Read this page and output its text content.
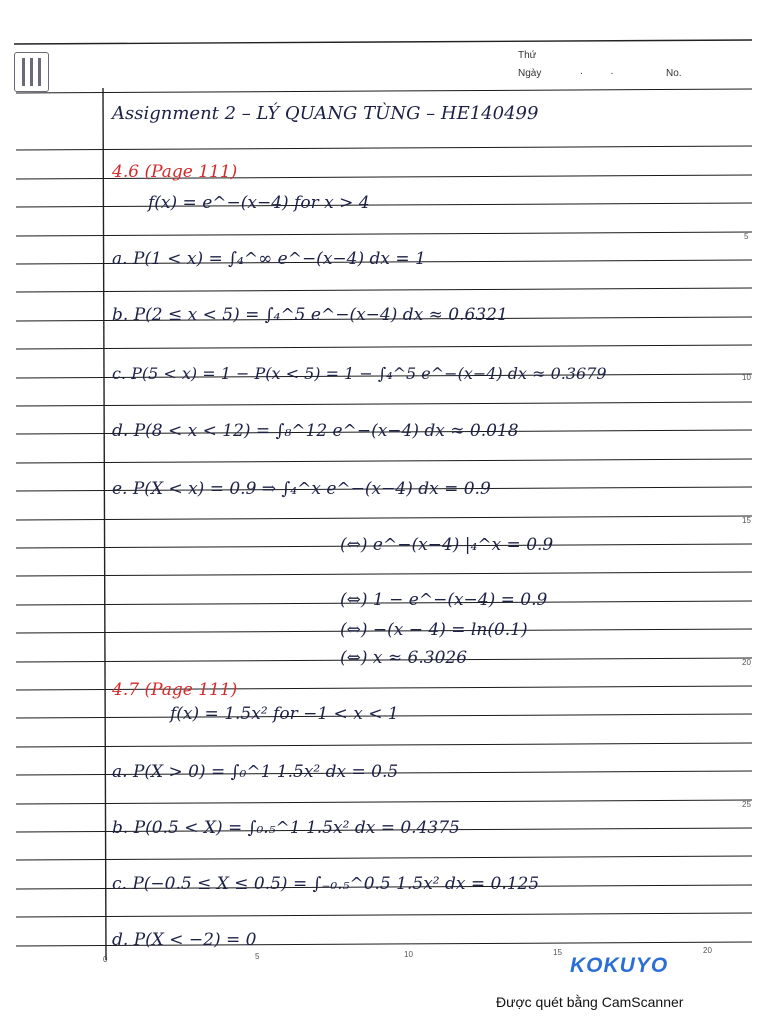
Thứ
Ngày	.          .	No.
Assignment 2 – LÝ QUANG TÙNG – HE140499
4.6 (Page 111)
f(x) = e^−(x−4) for x > 4
a. P(1 < x) = ∫₄^∞ e^−(x−4) dx = 1
b. P(2 ≤ x < 5) = ∫₄^5 e^−(x−4) dx ≈ 0.6321
c. P(5 < x) = 1 − P(x < 5) = 1 − ∫₄^5 e^−(x−4) dx ≈ 0.3679
d. P(8 < x < 12) = ∫₈^12 e^−(x−4) dx ≈ 0.018
e. P(X < x) = 0.9 ⇒ ∫₄^x e^−(x−4) dx = 0.9
(⇔) e^−(x−4) |₄^x = 0.9
(⇔) 1 − e^−(x−4) = 0.9
(⇔) −(x − 4) = ln(0.1)
(⇔) x ≈ 6.3026
4.7 (Page 111)
f(x) = 1.5x² for −1 < x < 1
a. P(X > 0) = ∫₀^1 1.5x² dx = 0.5
b. P(0.5 < X) = ∫₀.₅^1 1.5x² dx = 0.4375
c. P(−0.5 ≤ X ≤ 0.5) = ∫₋₀.₅^0.5 1.5x² dx = 0.125
d. P(X < −2) = 0
5
10
15
20
25
0	5	10	15	20
KOKUYO
Được quét bằng CamScanner
